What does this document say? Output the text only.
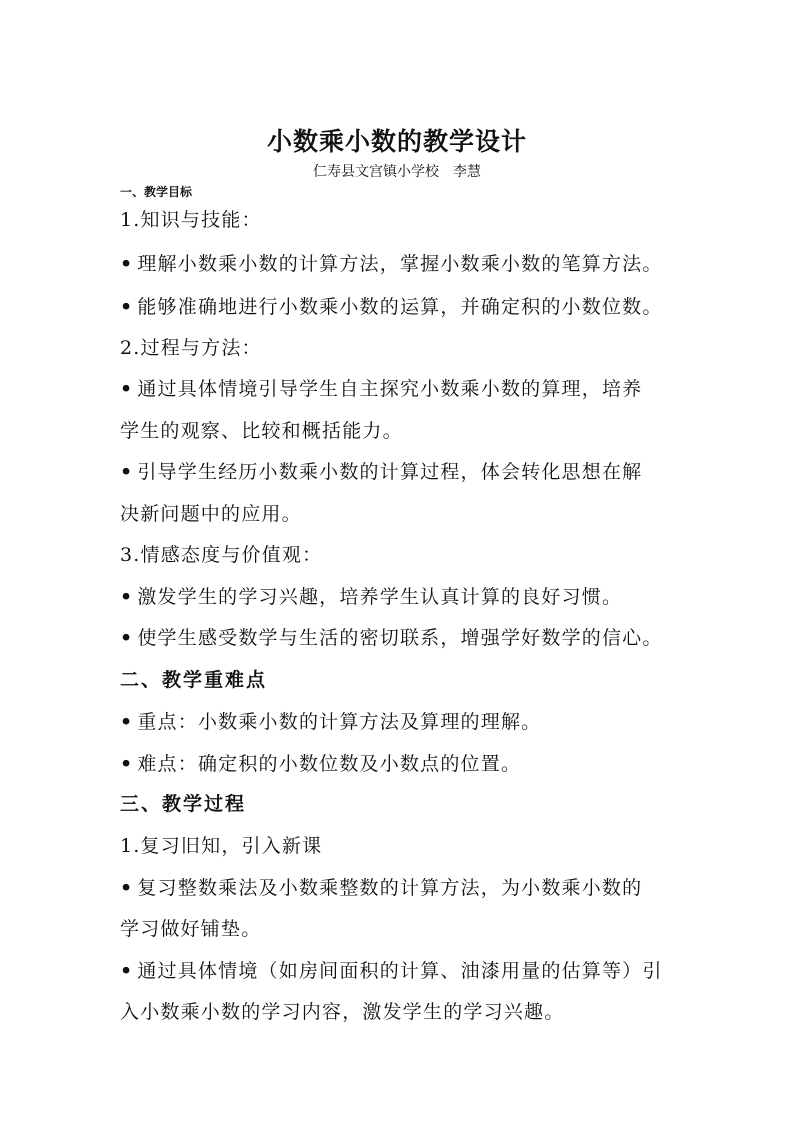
小数乘小数的教学设计
仁寿县文宫镇小学校　李慧
一、教学目标
1.知识与技能：
• 理解小数乘小数的计算方法，掌握小数乘小数的笔算方法。
• 能够准确地进行小数乘小数的运算，并确定积的小数位数。
2.过程与方法：
• 通过具体情境引导学生自主探究小数乘小数的算理，培养
学生的观察、比较和概括能力。
• 引导学生经历小数乘小数的计算过程，体会转化思想在解
决新问题中的应用。
3.情感态度与价值观：
• 激发学生的学习兴趣，培养学生认真计算的良好习惯。
• 使学生感受数学与生活的密切联系，增强学好数学的信心。
二、教学重难点
• 重点：小数乘小数的计算方法及算理的理解。
• 难点：确定积的小数位数及小数点的位置。
三、教学过程
1.复习旧知，引入新课
• 复习整数乘法及小数乘整数的计算方法，为小数乘小数的
学习做好铺垫。
• 通过具体情境（如房间面积的计算、油漆用量的估算等）引
入小数乘小数的学习内容，激发学生的学习兴趣。
